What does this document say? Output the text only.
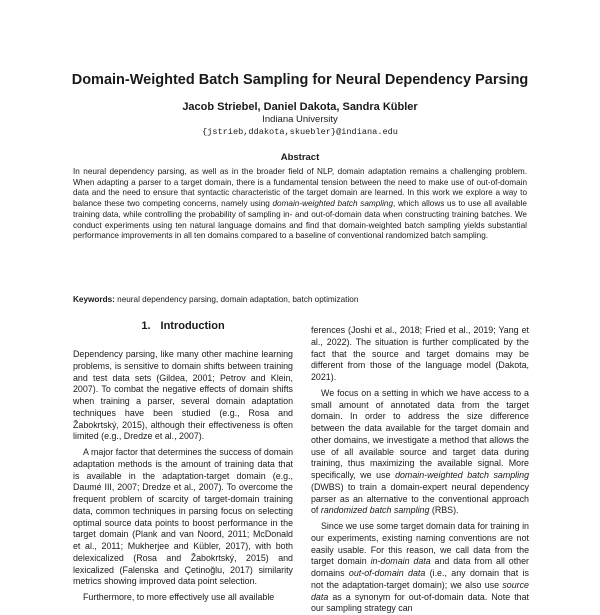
Domain-Weighted Batch Sampling for Neural Dependency Parsing
Jacob Striebel, Daniel Dakota, Sandra Kübler
Indiana University
{jstrieb,ddakota,skuebler}@indiana.edu
Abstract
In neural dependency parsing, as well as in the broader field of NLP, domain adaptation remains a challenging problem. When adapting a parser to a target domain, there is a fundamental tension between the need to make use of out-of-domain data and the need to ensure that syntactic characteristic of the target domain are learned. In this work we explore a way to balance these two competing concerns, namely using domain-weighted batch sampling, which allows us to use all available training data, while controlling the probability of sampling in- and out-of-domain data when constructing training batches. We conduct experiments using ten natural language domains and find that domain-weighted batch sampling yields substantial performance improvements in all ten domains compared to a baseline of conventional randomized batch sampling.
Keywords: neural dependency parsing, domain adaptation, batch optimization
1. Introduction

Dependency parsing, like many other machine learning problems, is sensitive to domain shifts between training and test data sets (Gildea, 2001; Petrov and Klein, 2007). To combat the negative effects of domain shifts when training a parser, several domain adaptation techniques have been studied (e.g., Rosa and Žabokrtský, 2015), although their effectiveness is often limited (e.g., Dredze et al., 2007).

A major factor that determines the success of domain adaptation methods is the amount of training data that is available in the adaptation-target domain (e.g., Daumé III, 2007; Dredze et al., 2007). To overcome the frequent problem of scarcity of target-domain training data, common techniques in parsing focus on selecting optimal source data points to boost performance in the target domain (Plank and van Noord, 2011; McDonald et al., 2011; Mukherjee and Kübler, 2017), with both delexicalized (Rosa and Žabokrtský, 2015) and lexicalized (Falenska and Çetinoğlu, 2017) similarity metrics showing improved data point selection.

Furthermore, to more effectively use all available

ferences (Joshi et al., 2018; Fried et al., 2019; Yang et al., 2022). The situation is further complicated by the fact that the source and target domains may be different from those of the language model (Dakota, 2021).

We focus on a setting in which we have access to a small amount of annotated data from the target domain. In order to address the size difference between the data available for the target domain and other domains, we investigate a method that allows the use of all available source and target data during training, thus maximizing the available signal. More specifically, we use domain-weighted batch sampling (DWBS) to train a domain-expert neural dependency parser as an alternative to the conventional approach of randomized batch sampling (RBS).

Since we use some target domain data for training in our experiments, existing naming conventions are not easily usable. For this reason, we call data from the target domain in-domain data and data from all other domains out-of-domain data (i.e., any domain that is not the adaptation-target domain); we also use source data as a synonym for out-of-domain data. Note that our sampling strategy can
